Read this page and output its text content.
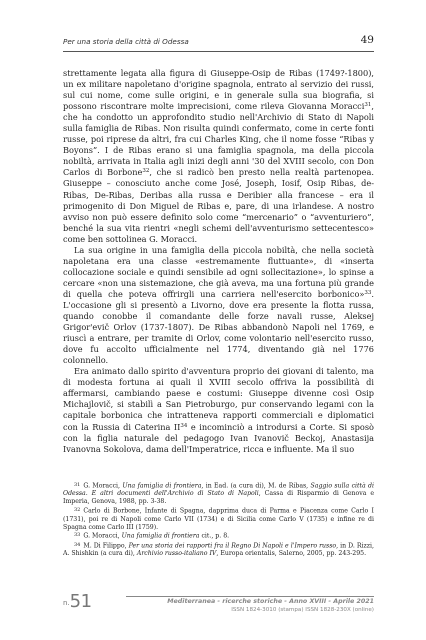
Per una storia della città di Odessa	49

strettamente legata alla figura di Giuseppe-Osip de Ribas (1749?-1800), un ex militare napoletano d'origine spagnola, entrato al servizio dei russi, sul cui nome, come sulle origini, e in generale sulla sua biografia, si possono riscontrare molte imprecisioni, come rileva Giovanna Moracci$^{31}$, che ha condotto un approfondito studio nell'Archivio di Stato di Napoli sulla famiglia de Ribas. Non risulta quindi confermato, come in certe fonti russe, poi riprese da altri, fra cui Charles King, che il nome fosse “Ribas y Boyons”. I de Ribas erano si una famiglia spagnola, ma della piccola nobiltà, arrivata in Italia agli inizi degli anni '30 del XVIII secolo, con Don Carlos di Borbone$^{32}$, che si radicò ben presto nella realtà partenopea. Giuseppe – conosciuto anche come José, Joseph, Iosif, Osip Ribas, de-Ribas, De-Ribas, Deribas alla russa e Deribier alla francese – era il primogenito di Don Miguel de Ribas e, pare, di una irlandese. A nostro avviso non può essere definito solo come “mercenario” o “avventuriero”, benché la sua vita rientri «negli schemi dell'avventurismo settecentesco» come ben sottolinea G. Moracci.

La sua origine in una famiglia della piccola nobiltà, che nella società napoletana era una classe «estremamente fluttuante», di «inserta collocazione sociale e quindi sensibile ad ogni sollecitazione», lo spinse a cercare «non una sistemazione, che già aveva, ma una fortuna più grande di quella che poteva offrirgli una carriera nell'esercito borbonico»$^{33}$. L'occasione gli si presentò a Livorno, dove era presente la flotta russa, quando conobbe il comandante delle forze navali russe, Aleksej Grigor'evič Orlov (1737-1807). De Ribas abbandonò Napoli nel 1769, e riuscì a entrare, per tramite di Orlov, come volontario nell'esercito russo, dove fu accolto ufficialmente nel 1774, diventando già nel 1776 colonnello.

Era animato dallo spirito d'avventura proprio dei giovani di talento, ma di modesta fortuna ai quali il XVIII secolo offriva la possibilità di affermarsi, cambiando paese e costumi: Giuseppe divenne così Osip Michajlovič, si stabilì a San Pietroburgo, pur conservando legami con la capitale borbonica che intratteneva rapporti commerciali e diplomatici con la Russia di Caterina II$^{34}$ e incominciò a introdursi a Corte. Si sposò con la figlia naturale del pedagogo Ivan Ivanovič Beckoj, Anastasija Ivanovna Sokolova, dama dell'Imperatrice, ricca e influente. Ma il suo

$^{31}$ G. Moracci, Una famiglia di frontiera, in Ead. (a cura di), M. de Ribas, Saggio sulla città di Odessa. E altri documenti dell'Archivio di Stato di Napoli, Cassa di Risparmio di Genova e Imperia, Genova, 1988, pp. 3-38.

$^{32}$ Carlo di Borbone, Infante di Spagna, dapprima duca di Parma e Piacenza come Carlo I (1731), poi re di Napoli come Carlo VII (1734) e di Sicilia come Carlo V (1735) e infine re di Spagna come Carlo III (1759).

$^{33}$ G. Moracci, Una famiglia di frontiera cit., p. 8.

$^{34}$ M. Di Filippo, Per una storia dei rapporti fra il Regno Di Napoli e l'Impero russo, in D. Rizzi, A. Shishkin (a cura di), Archivio russo-italiano IV, Europa orientalis, Salerno, 2005, pp. 243-295.

n.51	Mediterranea - ricerche storiche - Anno XVIII - Aprile 2021
ISSN 1824-3010 (stampa) ISSN 1828-230X (online)
